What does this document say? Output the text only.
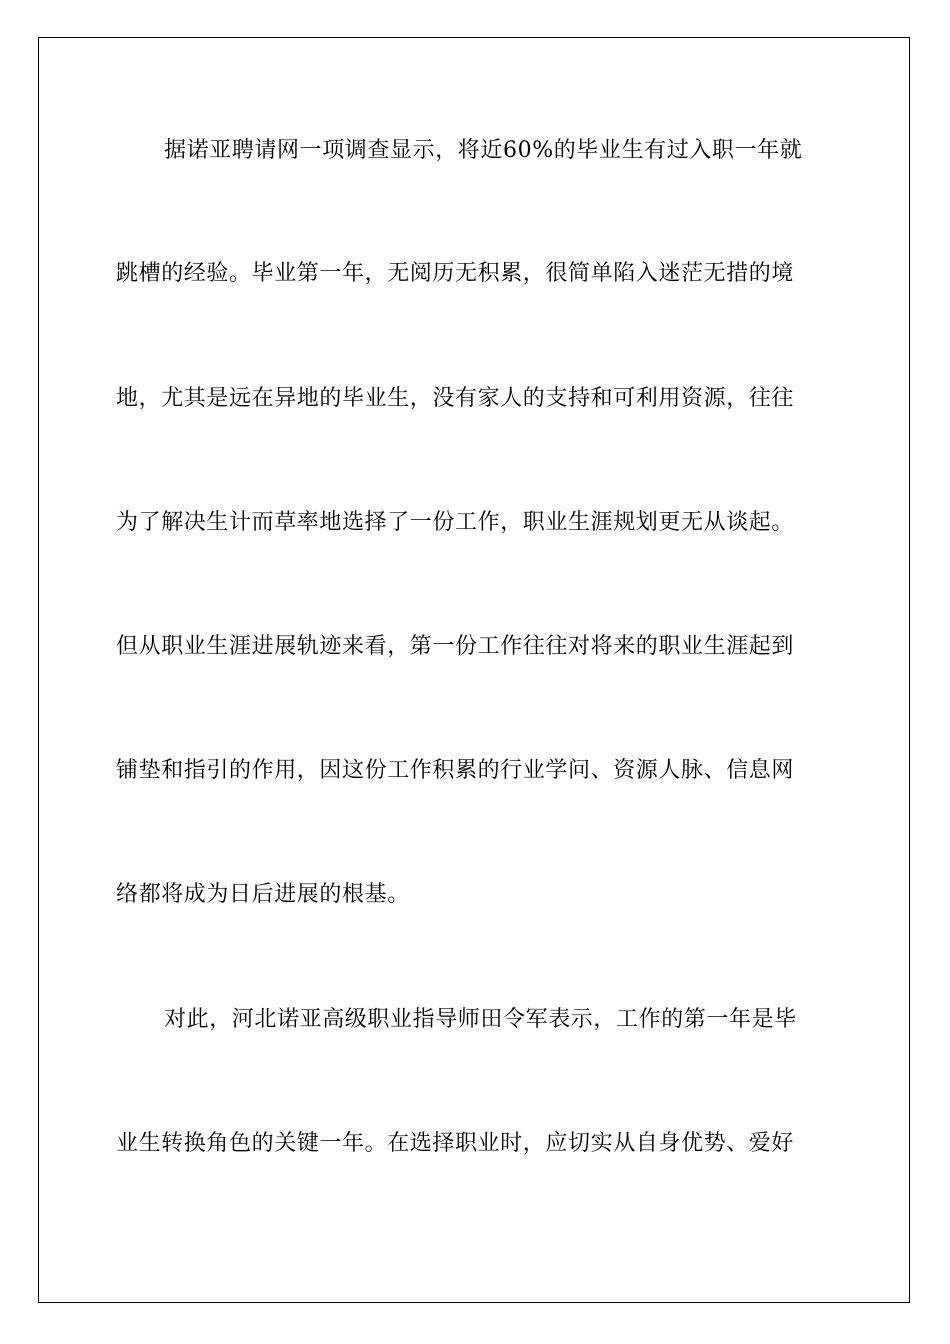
据诺亚聘请网一项调查显示，将近60%的毕业生有过入职一年就
跳槽的经验。毕业第一年，无阅历无积累，很简单陷入迷茫无措的境
地，尤其是远在异地的毕业生，没有家人的支持和可利用资源，往往
为了解决生计而草率地选择了一份工作，职业生涯规划更无从谈起。
但从职业生涯进展轨迹来看，第一份工作往往对将来的职业生涯起到
铺垫和指引的作用，因这份工作积累的行业学问、资源人脉、信息网
络都将成为日后进展的根基。
对此，河北诺亚高级职业指导师田令军表示，工作的第一年是毕
业生转换角色的关键一年。在选择职业时，应切实从自身优势、爱好
